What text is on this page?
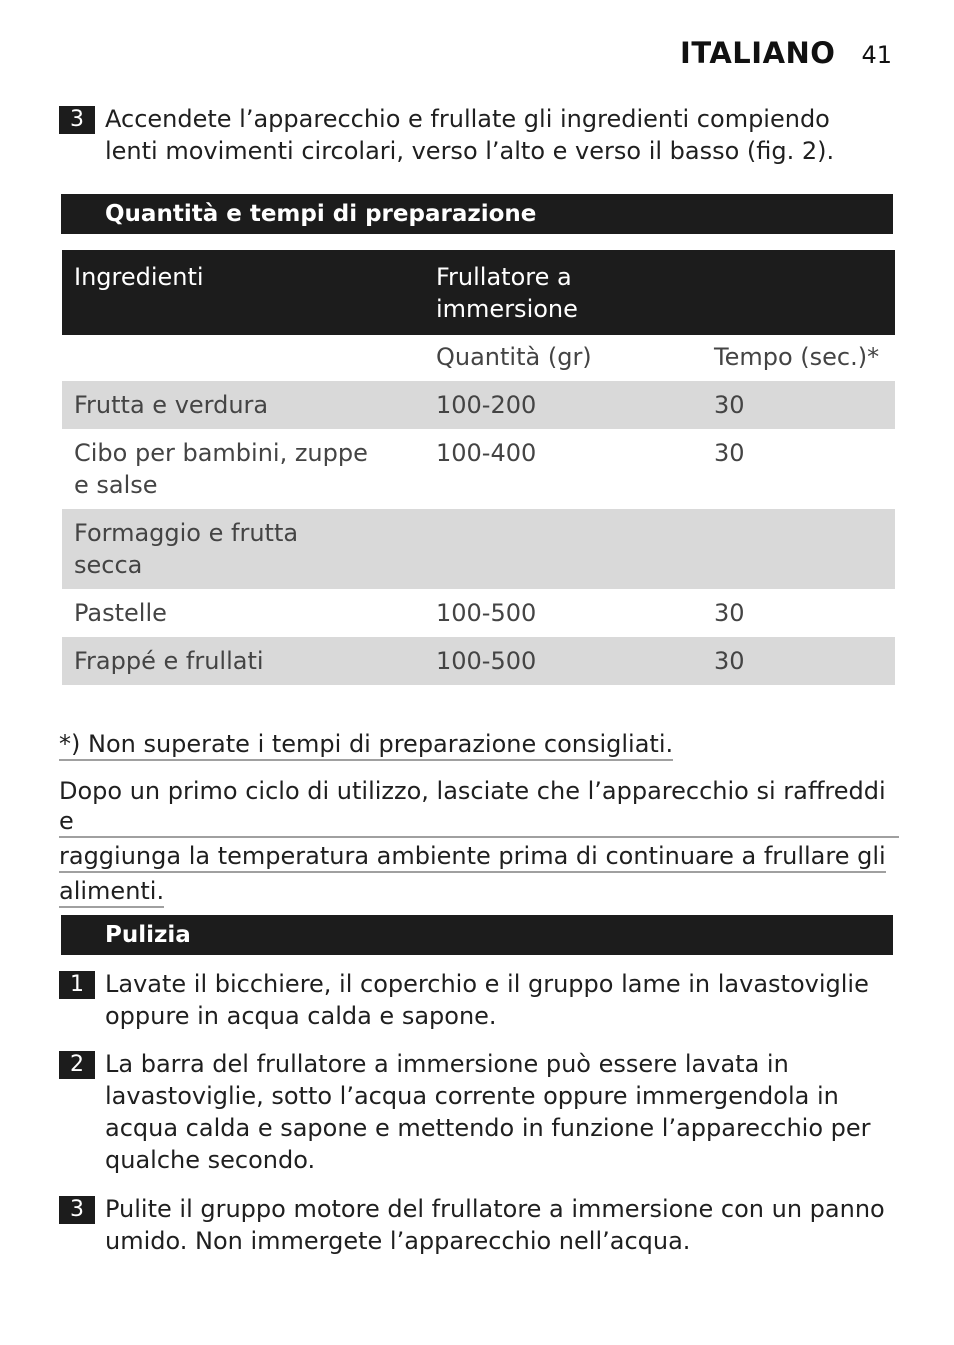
ITALIANO 41
3 Accendete l’apparecchio e frullate gli ingredienti compiendo lenti movimenti circolari, verso l’alto e verso il basso (fig. 2).
Quantità e tempi di preparazione
Ingredienti	Frullatore a immersione	
	Quantità (gr)	Tempo (sec.)*
Frutta e verdura	100-200	30
Cibo per bambini, zuppe e salse	100-400	30
Formaggio e frutta secca		
Pastelle	100-500	30
Frappé e frullati	100-500	30
*) Non superate i tempi di preparazione consigliati.
Dopo un primo ciclo di utilizzo, lasciate che l’apparecchio si raffreddi e
raggiunga la temperatura ambiente prima di continuare a frullare gli
alimenti.
Pulizia
1 Lavate il bicchiere, il coperchio e il gruppo lame in lavastoviglie oppure in acqua calda e sapone.
2 La barra del frullatore a immersione può essere lavata in lavastoviglie, sotto l’acqua corrente oppure immergendola in acqua calda e sapone e mettendo in funzione l’apparecchio per qualche secondo.
3 Pulite il gruppo motore del frullatore a immersione con un panno umido. Non immergete l’apparecchio nell’acqua.
